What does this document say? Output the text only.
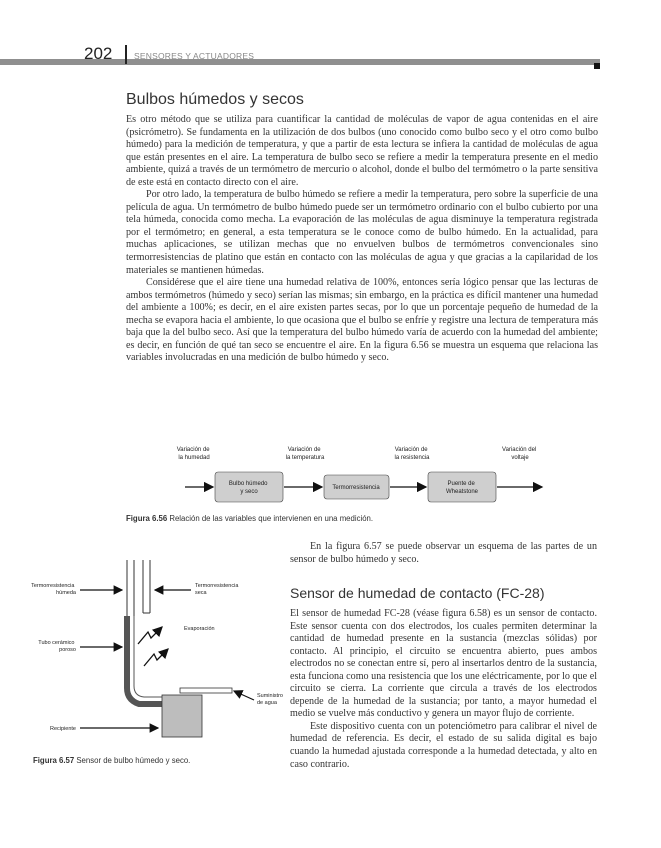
202	SENSORES Y ACTUADORES
Bulbos húmedos y secos

Es otro método que se utiliza para cuantificar la cantidad de moléculas de vapor de agua contenidas en el aire (psicrómetro). Se fundamenta en la utilización de dos bulbos (uno conocido como bulbo seco y el otro como bulbo húmedo) para la medición de temperatura, y que a partir de esta lectura se infiera la cantidad de moléculas de agua que están presentes en el aire. La temperatura de bulbo seco se refiere a medir la temperatura presente en el medio ambiente, quizá a través de un termómetro de mercurio o alcohol, donde el bulbo del termómetro o la parte sensitiva de este está en contacto directo con el aire.

Por otro lado, la temperatura de bulbo húmedo se refiere a medir la temperatura, pero sobre la superficie de una película de agua. Un termómetro de bulbo húmedo puede ser un termómetro ordinario con el bulbo cubierto por una tela húmeda, conocida como mecha. La evaporación de las moléculas de agua disminuye la temperatura registrada por el termómetro; en general, a esta temperatura se le conoce como de bulbo húmedo. En la actualidad, para muchas aplicaciones, se utilizan mechas que no envuelven bulbos de termómetros convencionales sino termorresistencias de platino que están en contacto con las moléculas de agua y que gracias a la capilaridad de los materiales se mantienen húmedas.

Considérese que el aire tiene una humedad relativa de 100%, entonces sería lógico pensar que las lecturas de ambos termómetros (húmedo y seco) serían las mismas; sin embargo, en la práctica es difícil mantener una humedad del ambiente a 100%; es decir, en el aire existen partes secas, por lo que un porcentaje pequeño de humedad de la mecha se evapora hacia el ambiente, lo que ocasiona que el bulbo se enfríe y registre una lectura de temperatura más baja que la del bulbo seco. Así que la temperatura del bulbo húmedo varía de acuerdo con la humedad del ambiente; es decir, en función de qué tan seco se encuentre el aire. En la figura 6.56 se muestra un esquema que relaciona las variables involucradas en una medición de bulbo húmedo y seco.

Variación de la humedad
Variación de la temperatura
Variación de la resistencia
Variación del voltaje
Bulbo húmedo y seco
Termorresistencia
Puente de Wheatstone
Figura 6.56 Relación de las variables que intervienen en una medición.
Termorresistencia húmeda
Termorresistencia seca
Evaporación
Tubo cerámico poroso
Suministro de agua
Recipiente
Figura 6.57 Sensor de bulbo húmedo y seco.

En la figura 6.57 se puede observar un esquema de las partes de un sensor de bulbo húmedo y seco.

Sensor de humedad de contacto (FC-28)

El sensor de humedad FC-28 (véase figura 6.58) es un sensor de contacto. Este sensor cuenta con dos electrodos, los cuales permiten determinar la cantidad de humedad presente en la sustancia (mezclas sólidas) por contacto. Al principio, el circuito se encuentra abierto, pues ambos electrodos no se conectan entre sí, pero al insertarlos dentro de la sustancia, esta funciona como una resistencia que los une eléctricamente, por lo que el circuito se cierra. La corriente que circula a través de los electrodos depende de la humedad de la sustancia; por tanto, a mayor humedad el medio se vuelve más conductivo y genera un mayor flujo de corriente.

Este dispositivo cuenta con un potenciómetro para calibrar el nivel de humedad de referencia. Es decir, el estado de su salida digital es bajo cuando la humedad ajustada corresponde a la humedad detectada, y alto en caso contrario.
